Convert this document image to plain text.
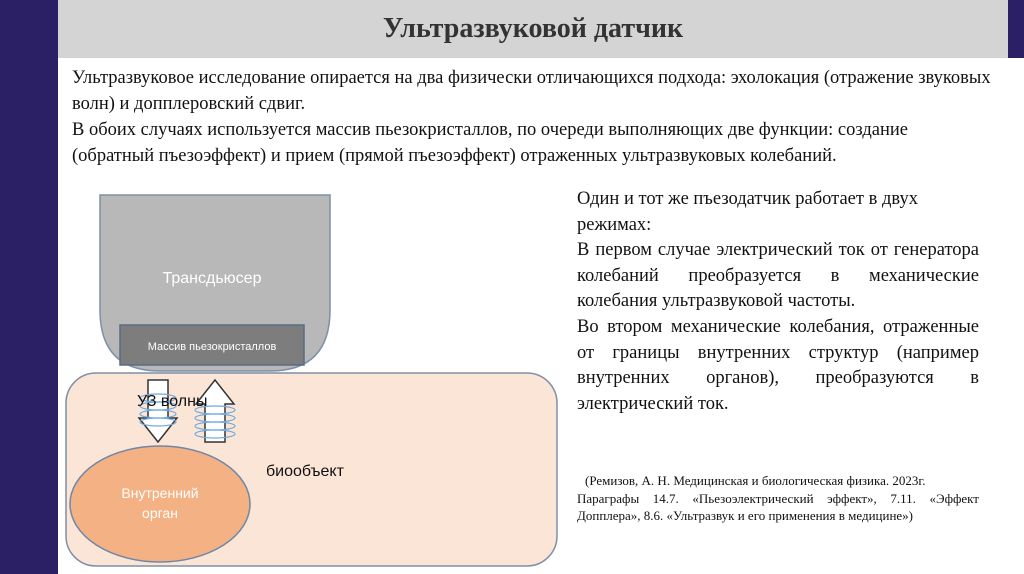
Ультразвуковой датчик

Ультразвуковое исследование опирается на два физически отличающихся подхода: эхолокация (отражение звуковых волн) и допплеровский сдвиг.

В обоих случаях используется массив пьезокристаллов, по очереди выполняющих две функции: создание (обратный пъезоэффект) и прием (прямой пъезоэффект) отраженных ультразвуковых колебаний.

Трансдьюсер
Массив пьезокристаллов
УЗ волны
Внутренний
орган
биообъект

Один и тот же пъезодатчик работает в двух режимах:

В первом случае электрический ток от генератора колебаний преобразуется в механические колебания ультразвуковой частоты.

Во втором механические колебания, отраженные от границы внутренних структур (например внутренних органов), преобразуются в электрический ток.

(Ремизов, А. Н. Медицинская и биологическая физика. 2023г.
Параграфы 14.7. «Пьезоэлектрический эффект», 7.11. «Эффект Допплера», 8.6. «Ультразвук и его применения в медицине»)
